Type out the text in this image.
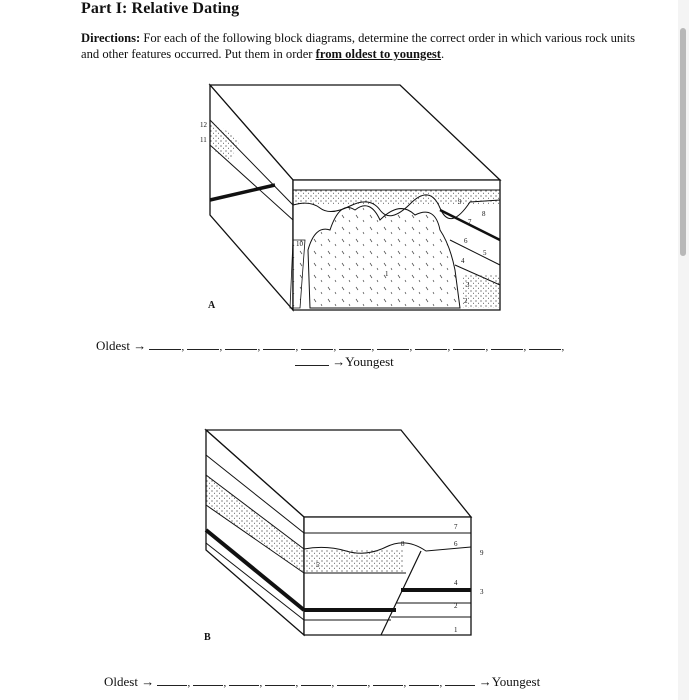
Part I: Relative Dating
Directions: For each of the following block diagrams, determine the correct order in which various rock units and other features occurred. Put them in order from oldest to youngest.
12
11
10
9
8
7
6
5
4
3
2
1
A
Oldest →	,	,	,	,	,	,	,	,	,	,	,
→Youngest
7
6
8
9
5
4
3
2
1
B
Oldest →	,	,	,	,	,	,	,	,	→Youngest
